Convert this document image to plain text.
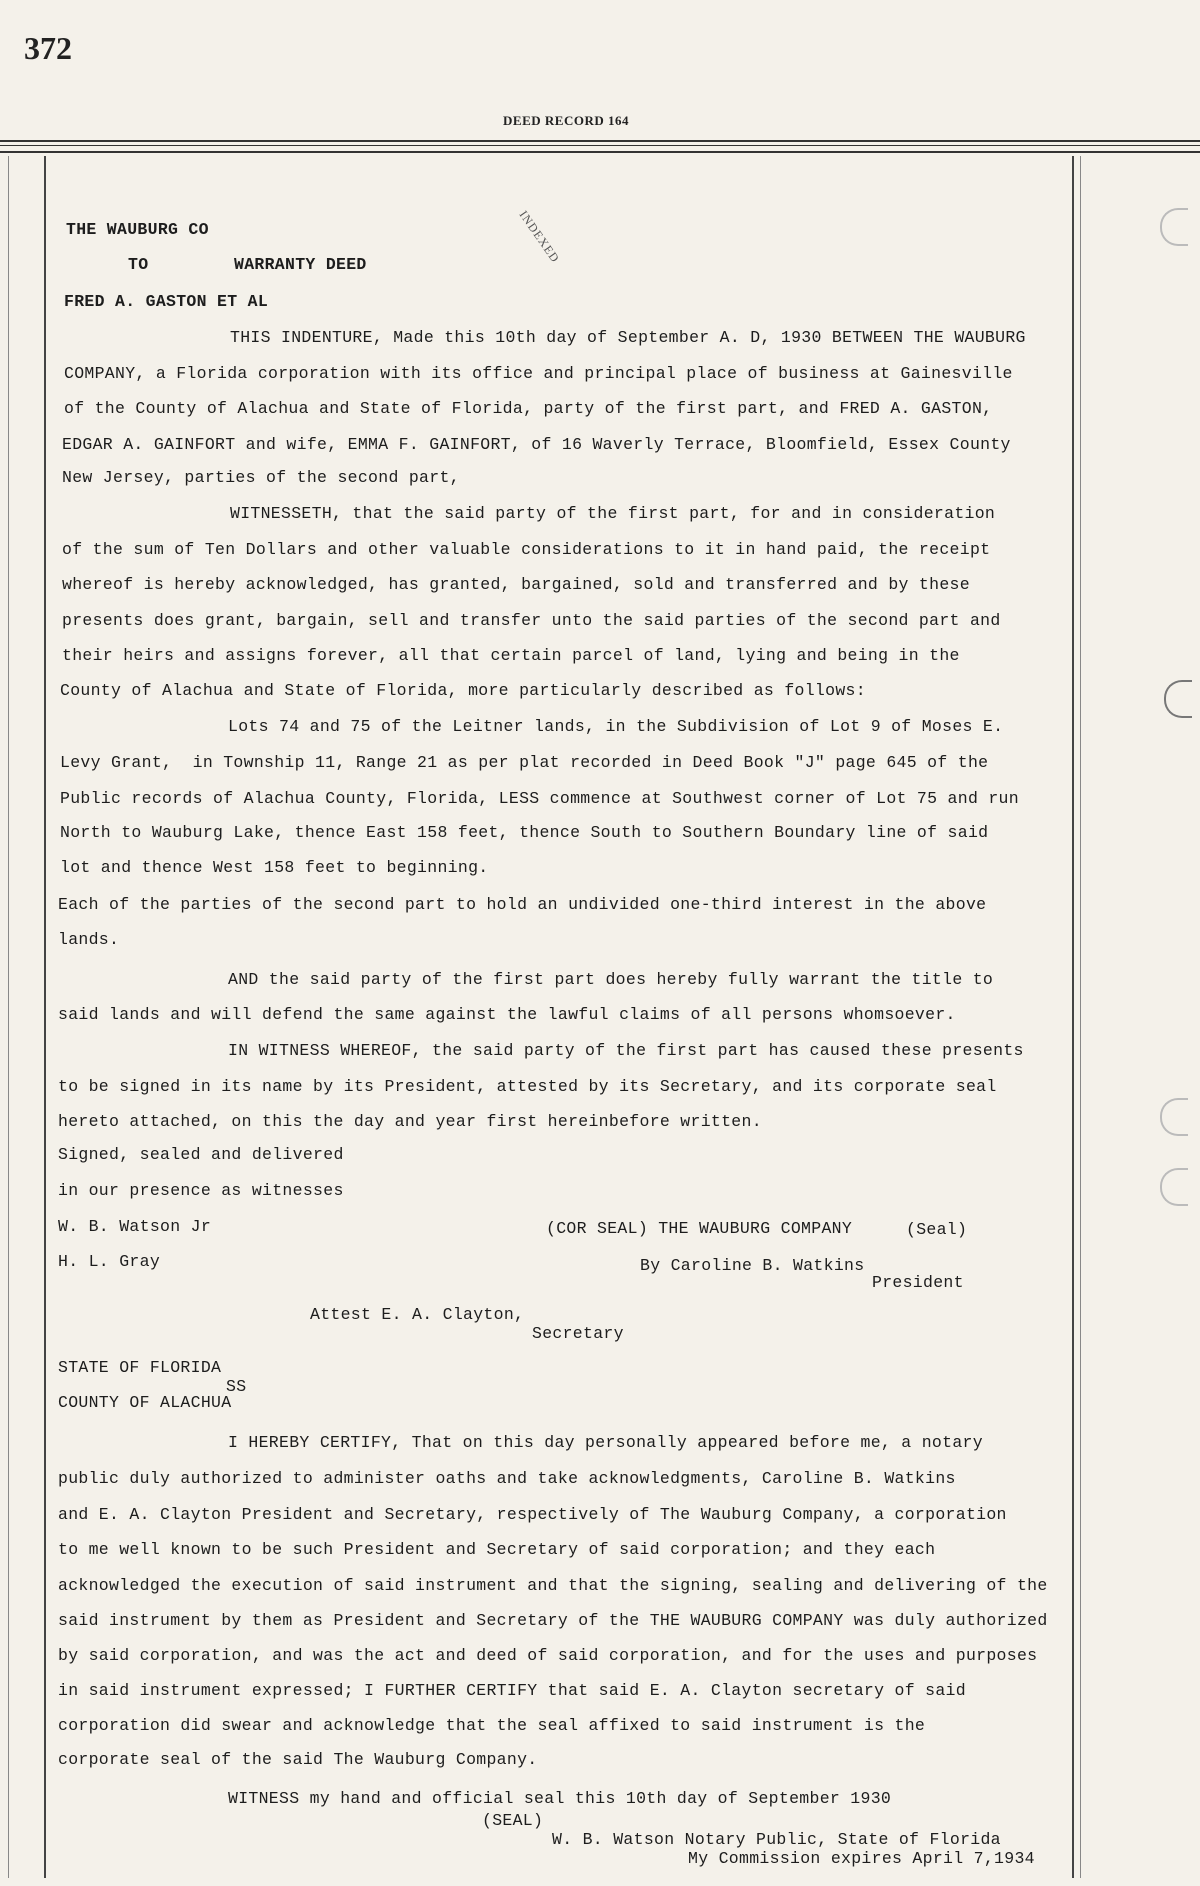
372
DEED RECORD 164
INDEXED
THE WAUBURG CO
TO	WARRANTY DEED
FRED A. GASTON ET AL
THIS INDENTURE, Made this 10th day of September A. D, 1930 BETWEEN THE WAUBURG
COMPANY, a Florida corporation with its office and principal place of business at Gainesville
of the County of Alachua and State of Florida, party of the first part, and FRED A. GASTON,
EDGAR A. GAINFORT and wife, EMMA F. GAINFORT, of 16 Waverly Terrace, Bloomfield, Essex County
New Jersey, parties of the second part,
WITNESSETH, that the said party of the first part, for and in consideration
of the sum of Ten Dollars and other valuable considerations to it in hand paid, the receipt
whereof is hereby acknowledged, has granted, bargained, sold and transferred and by these
presents does grant, bargain, sell and transfer unto the said parties of the second part and
their heirs and assigns forever, all that certain parcel of land, lying and being in the
County of Alachua and State of Florida, more particularly described as follows:
Lots 74 and 75 of the Leitner lands, in the Subdivision of Lot 9 of Moses E.
Levy Grant,  in Township 11, Range 21 as per plat recorded in Deed Book "J" page 645 of the
Public records of Alachua County, Florida, LESS commence at Southwest corner of Lot 75 and run
North to Wauburg Lake, thence East 158 feet, thence South to Southern Boundary line of said
lot and thence West 158 feet to beginning.
Each of the parties of the second part to hold an undivided one-third interest in the above
lands.
AND the said party of the first part does hereby fully warrant the title to
said lands and will defend the same against the lawful claims of all persons whomsoever.
IN WITNESS WHEREOF, the said party of the first part has caused these presents
to be signed in its name by its President, attested by its Secretary, and its corporate seal
hereto attached, on this the day and year first hereinbefore written.
Signed, sealed and delivered
in our presence as witnesses
W. B. Watson Jr	(COR SEAL) THE WAUBURG COMPANY	(Seal)
H. L. Gray	By Caroline B. Watkins
President
Attest E. A. Clayton,
Secretary
STATE OF FLORIDA
SS
COUNTY OF ALACHUA
I HEREBY CERTIFY, That on this day personally appeared before me, a notary
public duly authorized to administer oaths and take acknowledgments, Caroline B. Watkins
and E. A. Clayton President and Secretary, respectively of The Wauburg Company, a corporation
to me well known to be such President and Secretary of said corporation; and they each
acknowledged the execution of said instrument and that the signing, sealing and delivering of the
said instrument by them as President and Secretary of the THE WAUBURG COMPANY was duly authorized
by said corporation, and was the act and deed of said corporation, and for the uses and purposes
in said instrument expressed; I FURTHER CERTIFY that said E. A. Clayton secretary of said
corporation did swear and acknowledge that the seal affixed to said instrument is the
corporate seal of the said The Wauburg Company.
WITNESS my hand and official seal this 10th day of September 1930
(SEAL)
W. B. Watson Notary Public, State of Florida
My Commission expires April 7,1934
